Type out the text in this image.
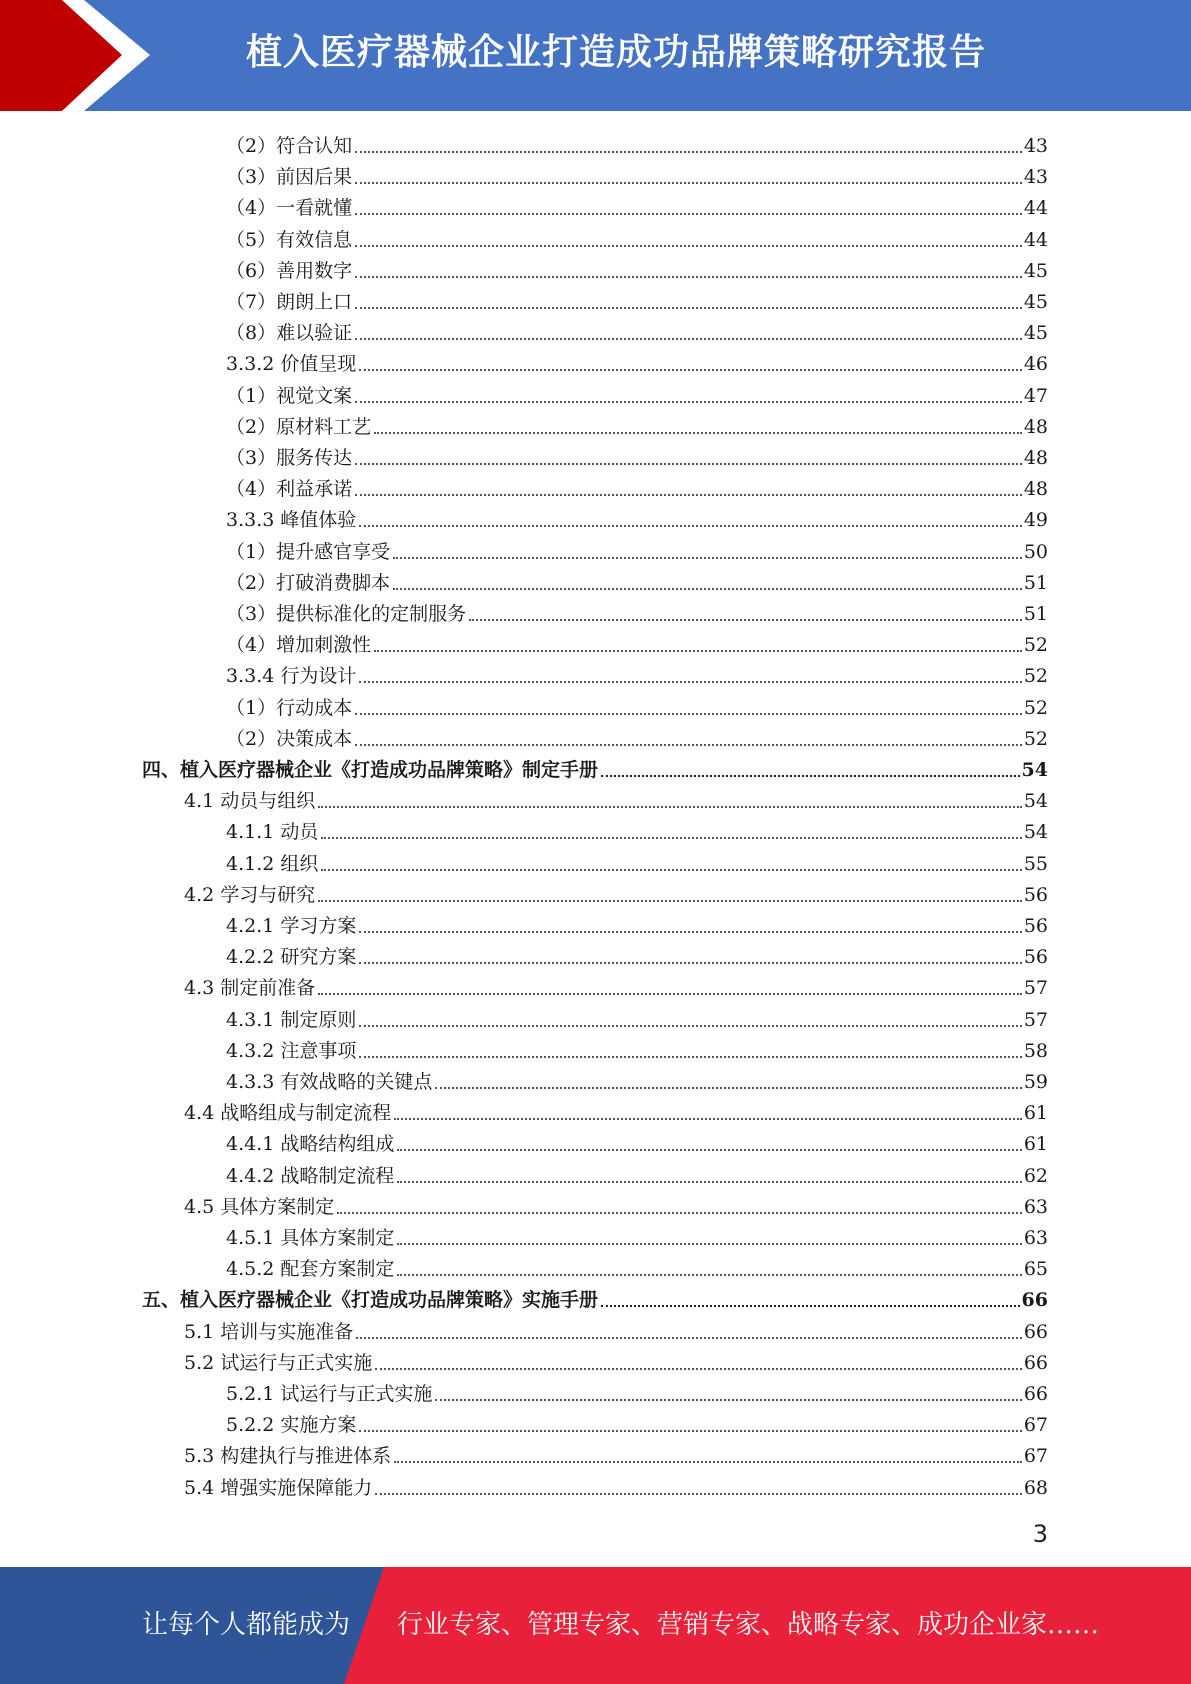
植入医疗器械企业打造成功品牌策略研究报告
（2）符合认知	43
（3）前因后果	43
（4）一看就懂	44
（5）有效信息	44
（6）善用数字	45
（7）朗朗上口	45
（8）难以验证	45
3.3.2 价值呈现	46
（1）视觉文案	47
（2）原材料工艺	48
（3）服务传达	48
（4）利益承诺	48
3.3.3 峰值体验	49
（1）提升感官享受	50
（2）打破消费脚本	51
（3）提供标准化的定制服务	51
（4）增加刺激性	52
3.3.4 行为设计	52
（1）行动成本	52
（2）决策成本	52
四、植入医疗器械企业《打造成功品牌策略》制定手册	54
4.1 动员与组织	54
4.1.1 动员	54
4.1.2 组织	55
4.2 学习与研究	56
4.2.1 学习方案	56
4.2.2 研究方案	56
4.3 制定前准备	57
4.3.1 制定原则	57
4.3.2 注意事项	58
4.3.3 有效战略的关键点	59
4.4 战略组成与制定流程	61
4.4.1 战略结构组成	61
4.4.2 战略制定流程	62
4.5 具体方案制定	63
4.5.1 具体方案制定	63
4.5.2 配套方案制定	65
五、植入医疗器械企业《打造成功品牌策略》实施手册	66
5.1 培训与实施准备	66
5.2 试运行与正式实施	66
5.2.1 试运行与正式实施	66
5.2.2 实施方案	67
5.3 构建执行与推进体系	67
5.4 增强实施保障能力	68
3
让每个人都能成为 行业专家、管理专家、营销专家、战略专家、成功企业家……
